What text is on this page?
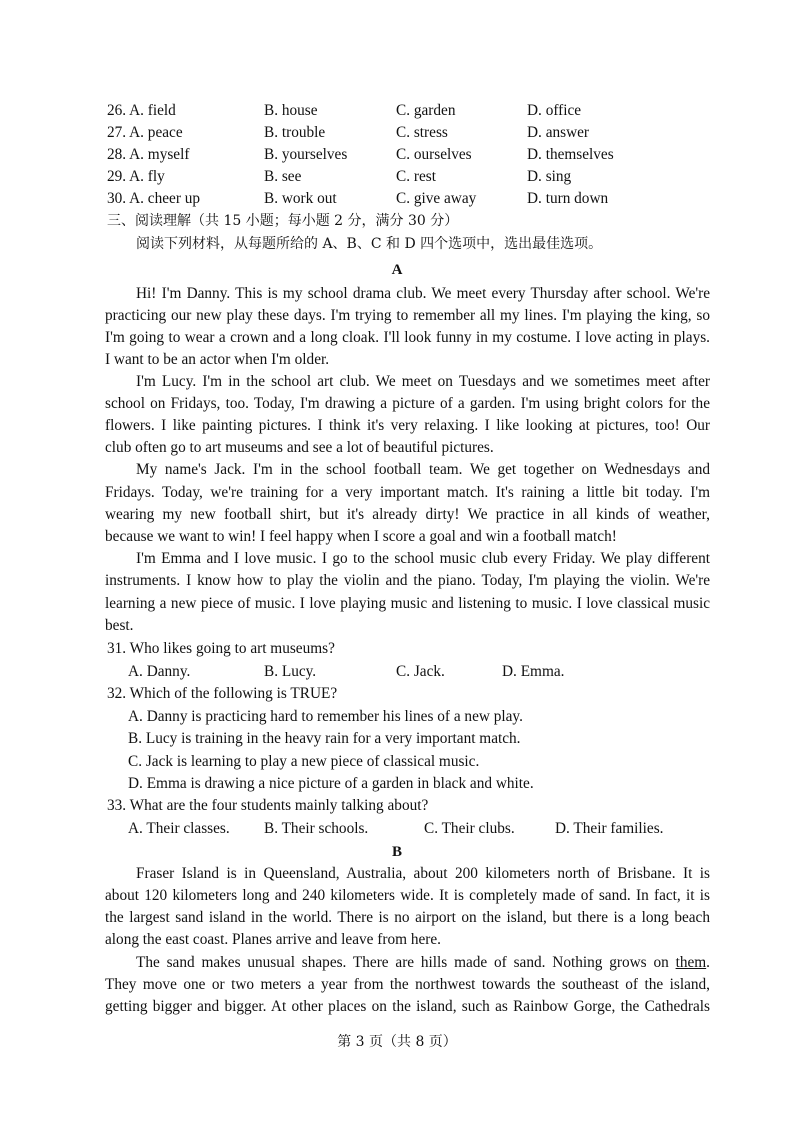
26. A. field	B. house	C. garden	D. office
27. A. peace	B. trouble	C. stress	D. answer
28. A. myself	B. yourselves	C. ourselves	D. themselves
29. A. fly	B. see	C. rest	D. sing
30. A. cheer up	B. work out	C. give away	D. turn down
三、阅读理解（共 15 小题；每小题 2 分，满分 30 分）
阅读下列材料，从每题所给的 A、B、C 和 D 四个选项中，选出最佳选项。
A
Hi! I'm Danny. This is my school drama club. We meet every Thursday after school. We're
practicing our new play these days. I'm trying to remember all my lines. I'm playing the king, so
I'm going to wear a crown and a long cloak. I'll look funny in my costume. I love acting in plays.
I want to be an actor when I'm older.
I'm Lucy. I'm in the school art club. We meet on Tuesdays and we sometimes meet after
school on Fridays, too. Today, I'm drawing a picture of a garden. I'm using bright colors for the
flowers. I like painting pictures. I think it's very relaxing. I like looking at pictures, too! Our
club often go to art museums and see a lot of beautiful pictures.
My name's Jack. I'm in the school football team. We get together on Wednesdays and
Fridays. Today, we're training for a very important match. It's raining a little bit today. I'm
wearing my new football shirt, but it's already dirty! We practice in all kinds of weather,
because we want to win! I feel happy when I score a goal and win a football match!
I'm Emma and I love music. I go to the school music club every Friday. We play different
instruments. I know how to play the violin and the piano. Today, I'm playing the violin. We're
learning a new piece of music. I love playing music and listening to music. I love classical music
best.
31. Who likes going to art museums?
A. Danny.	B. Lucy.	C. Jack.	D. Emma.
32. Which of the following is TRUE?
A. Danny is practicing hard to remember his lines of a new play.
B. Lucy is training in the heavy rain for a very important match.
C. Jack is learning to play a new piece of classical music.
D. Emma is drawing a nice picture of a garden in black and white.
33. What are the four students mainly talking about?
A. Their classes. B. Their schools.	C. Their clubs.	D. Their families.
B
Fraser Island is in Queensland, Australia, about 200 kilometers north of Brisbane. It is
about 120 kilometers long and 240 kilometers wide. It is completely made of sand. In fact, it is
the largest sand island in the world. There is no airport on the island, but there is a long beach
along the east coast. Planes arrive and leave from here.
The sand makes unusual shapes. There are hills made of sand. Nothing grows on them.
They move one or two meters a year from the northwest towards the southeast of the island,
getting bigger and bigger. At other places on the island, such as Rainbow Gorge, the Cathedrals
第 3 页（共 8 页）
